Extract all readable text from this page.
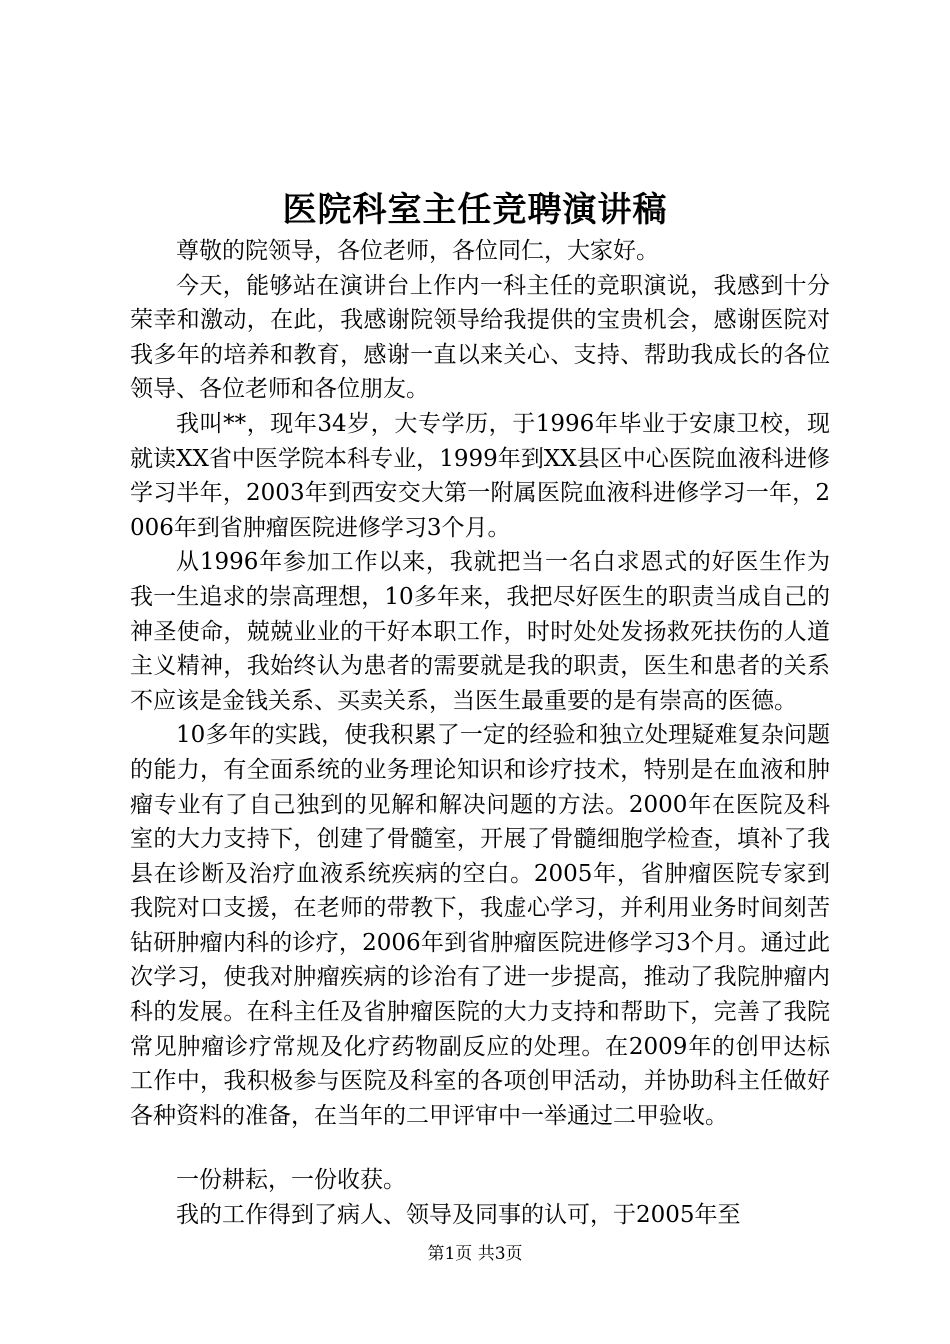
医院科室主任竞聘演讲稿

尊敬的院领导，各位老师，各位同仁，大家好。

今天，能够站在演讲台上作内一科主任的竞职演说，我感到十分荣幸和激动，在此，我感谢院领导给我提供的宝贵机会，感谢医院对我多年的培养和教育，感谢一直以来关心、支持、帮助我成长的各位领导、各位老师和各位朋友。

我叫**，现年34岁，大专学历，于1996年毕业于安康卫校，现就读XX省中医学院本科专业，1999年到XX县区中心医院血液科进修学习半年，2003年到西安交大第一附属医院血液科进修学习一年，2006年到省肿瘤医院进修学习3个月。

从1996年参加工作以来，我就把当一名白求恩式的好医生作为我一生追求的崇高理想，10多年来，我把尽好医生的职责当成自己的神圣使命，兢兢业业的干好本职工作，时时处处发扬救死扶伤的人道主义精神，我始终认为患者的需要就是我的职责，医生和患者的关系不应该是金钱关系、买卖关系，当医生最重要的是有崇高的医德。

10多年的实践，使我积累了一定的经验和独立处理疑难复杂问题的能力，有全面系统的业务理论知识和诊疗技术，特别是在血液和肿瘤专业有了自己独到的见解和解决问题的方法。2000年在医院及科室的大力支持下，创建了骨髓室，开展了骨髓细胞学检查，填补了我县在诊断及治疗血液系统疾病的空白。2005年，省肿瘤医院专家到我院对口支援，在老师的带教下，我虚心学习，并利用业务时间刻苦钻研肿瘤内科的诊疗，2006年到省肿瘤医院进修学习3个月。通过此次学习，使我对肿瘤疾病的诊治有了进一步提高，推动了我院肿瘤内科的发展。在科主任及省肿瘤医院的大力支持和帮助下，完善了我院常见肿瘤诊疗常规及化疗药物副反应的处理。在2009年的创甲达标工作中，我积极参与医院及科室的各项创甲活动，并协助科主任做好各种资料的准备，在当年的二甲评审中一举通过二甲验收。

一份耕耘，一份收获。

我的工作得到了病人、领导及同事的认可，于2005年至

第1页 共3页
